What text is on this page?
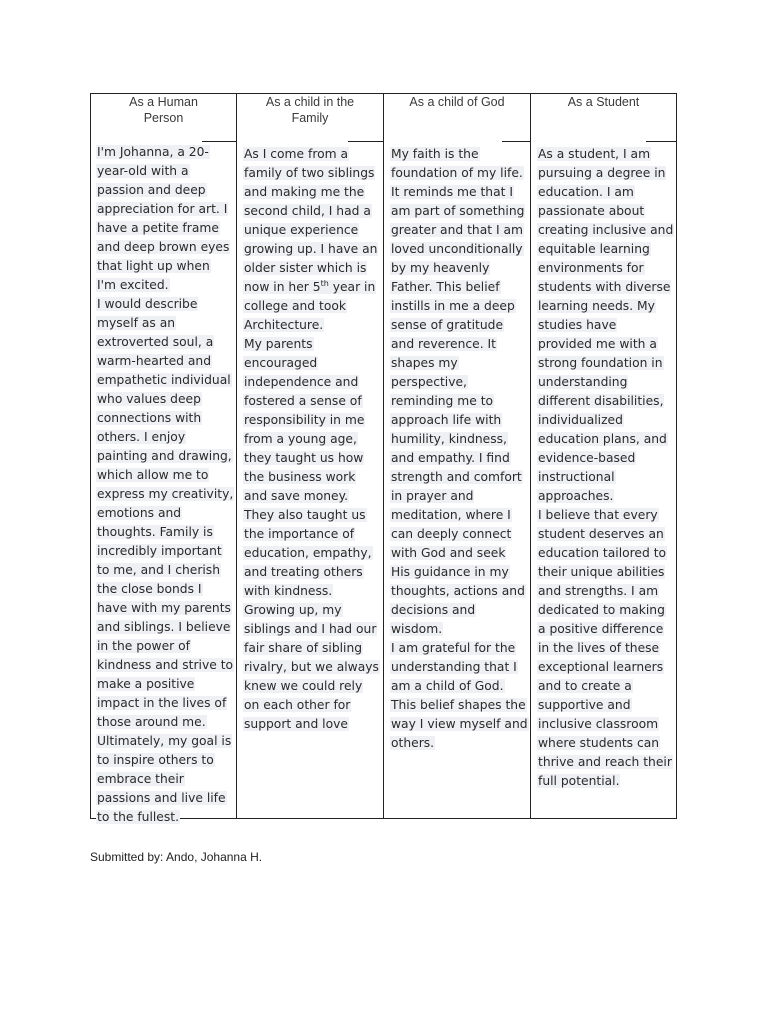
As a Human
Person
As a child in the
Family
As a child of God	As a Student
I'm Johanna, a 20-
year-old with a
passion and deep
appreciation for art. I
have a petite frame
and deep brown eyes
that light up when
I'm excited.
I would describe
myself as an
extroverted soul, a
warm-hearted and
empathetic individual
who values deep
connections with
others. I enjoy
painting and drawing,
which allow me to
express my creativity,
emotions and
thoughts. Family is
incredibly important
to me, and I cherish
the close bonds I
have with my parents
and siblings. I believe
in the power of
kindness and strive to
make a positive
impact in the lives of
those around me.
Ultimately, my goal is
to inspire others to
embrace their
passions and live life
to the fullest.
As I come from a
family of two siblings
and making me the
second child, I had a
unique experience
growing up. I have an
older sister which is
now in her 5th year in
college and took
Architecture.
My parents
encouraged
independence and
fostered a sense of
responsibility in me
from a young age,
they taught us how
the business work
and save money.
They also taught us
the importance of
education, empathy,
and treating others
with kindness.
Growing up, my
siblings and I had our
fair share of sibling
rivalry, but we always
knew we could rely
on each other for
support and love
My faith is the
foundation of my life.
It reminds me that I
am part of something
greater and that I am
loved unconditionally
by my heavenly
Father. This belief
instills in me a deep
sense of gratitude
and reverence. It
shapes my
perspective,
reminding me to
approach life with
humility, kindness,
and empathy. I find
strength and comfort
in prayer and
meditation, where I
can deeply connect
with God and seek
His guidance in my
thoughts, actions and
decisions and
wisdom.
I am grateful for the
understanding that I
am a child of God.
This belief shapes the
way I view myself and
others.
As a student, I am
pursuing a degree in
education. I am
passionate about
creating inclusive and
equitable learning
environments for
students with diverse
learning needs. My
studies have
provided me with a
strong foundation in
understanding
different disabilities,
individualized
education plans, and
evidence-based
instructional
approaches.
I believe that every
student deserves an
education tailored to
their unique abilities
and strengths. I am
dedicated to making
a positive difference
in the lives of these
exceptional learners
and to create a
supportive and
inclusive classroom
where students can
thrive and reach their
full potential.
Submitted by: Ando, Johanna H.
